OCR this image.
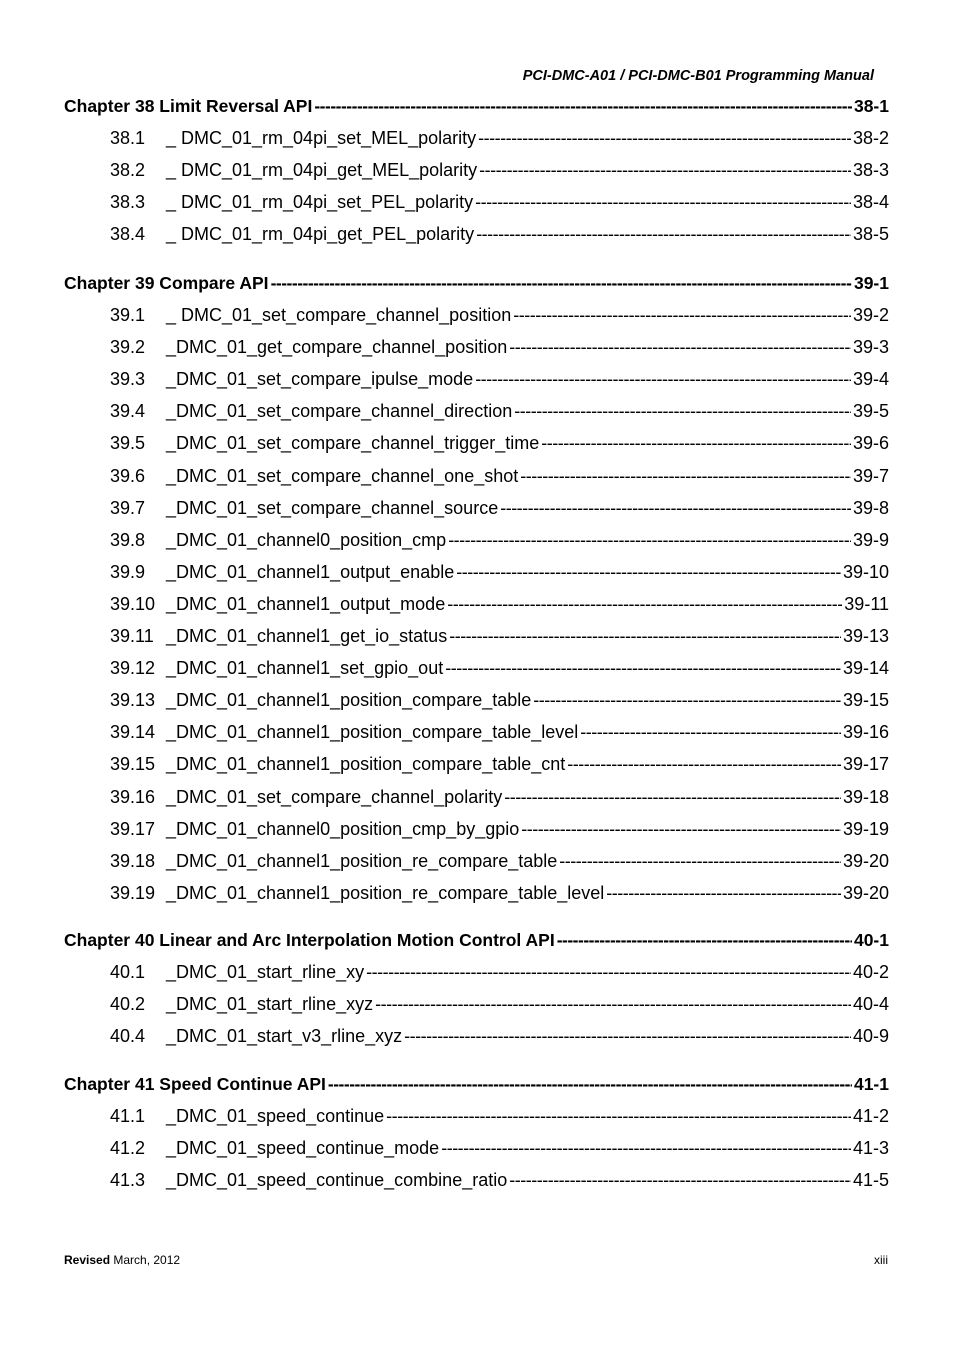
PCI-DMC-A01 / PCI-DMC-B01 Programming Manual
Chapter 38 Limit Reversal API -----	38-1
38.1	_ DMC_01_rm_04pi_set_MEL_polarity -----	38-2
38.2	_ DMC_01_rm_04pi_get_MEL_polarity -----	38-3
38.3	_ DMC_01_rm_04pi_set_PEL_polarity -----	38-4
38.4	_ DMC_01_rm_04pi_get_PEL_polarity -----	38-5
Chapter 39 Compare API -----	39-1
39.1	_ DMC_01_set_compare_channel_position -----	39-2
39.2	_DMC_01_get_compare_channel_position -----	39-3
39.3	_DMC_01_set_compare_ipulse_mode -----	39-4
39.4	_DMC_01_set_compare_channel_direction -----	39-5
39.5	_DMC_01_set_compare_channel_trigger_time -----	39-6
39.6	_DMC_01_set_compare_channel_one_shot -----	39-7
39.7	_DMC_01_set_compare_channel_source -----	39-8
39.8	_DMC_01_channel0_position_cmp -----	39-9
39.9	_DMC_01_channel1_output_enable -----	39-10
39.10 _DMC_01_channel1_output_mode -----	39-11
39.11 _DMC_01_channel1_get_io_status -----	39-13
39.12 _DMC_01_channel1_set_gpio_out -----	39-14
39.13 _DMC_01_channel1_position_compare_table -----	39-15
39.14 _DMC_01_channel1_position_compare_table_level -----	39-16
39.15 _DMC_01_channel1_position_compare_table_cnt -----	39-17
39.16 _DMC_01_set_compare_channel_polarity -----	39-18
39.17 _DMC_01_channel0_position_cmp_by_gpio -----	39-19
39.18 _DMC_01_channel1_position_re_compare_table -----	39-20
39.19 _DMC_01_channel1_position_re_compare_table_level -----	39-20
Chapter 40 Linear and Arc Interpolation Motion Control API -----	40-1
40.1	_DMC_01_start_rline_xy -----	40-2
40.2	_DMC_01_start_rline_xyz -----	40-4
40.4	_DMC_01_start_v3_rline_xyz -----	40-9
Chapter 41 Speed Continue API -----	41-1
41.1	_DMC_01_speed_continue -----	41-2
41.2	_DMC_01_speed_continue_mode -----	41-3
41.3	_DMC_01_speed_continue_combine_ratio -----	41-5
Revised March, 2012	xiii
